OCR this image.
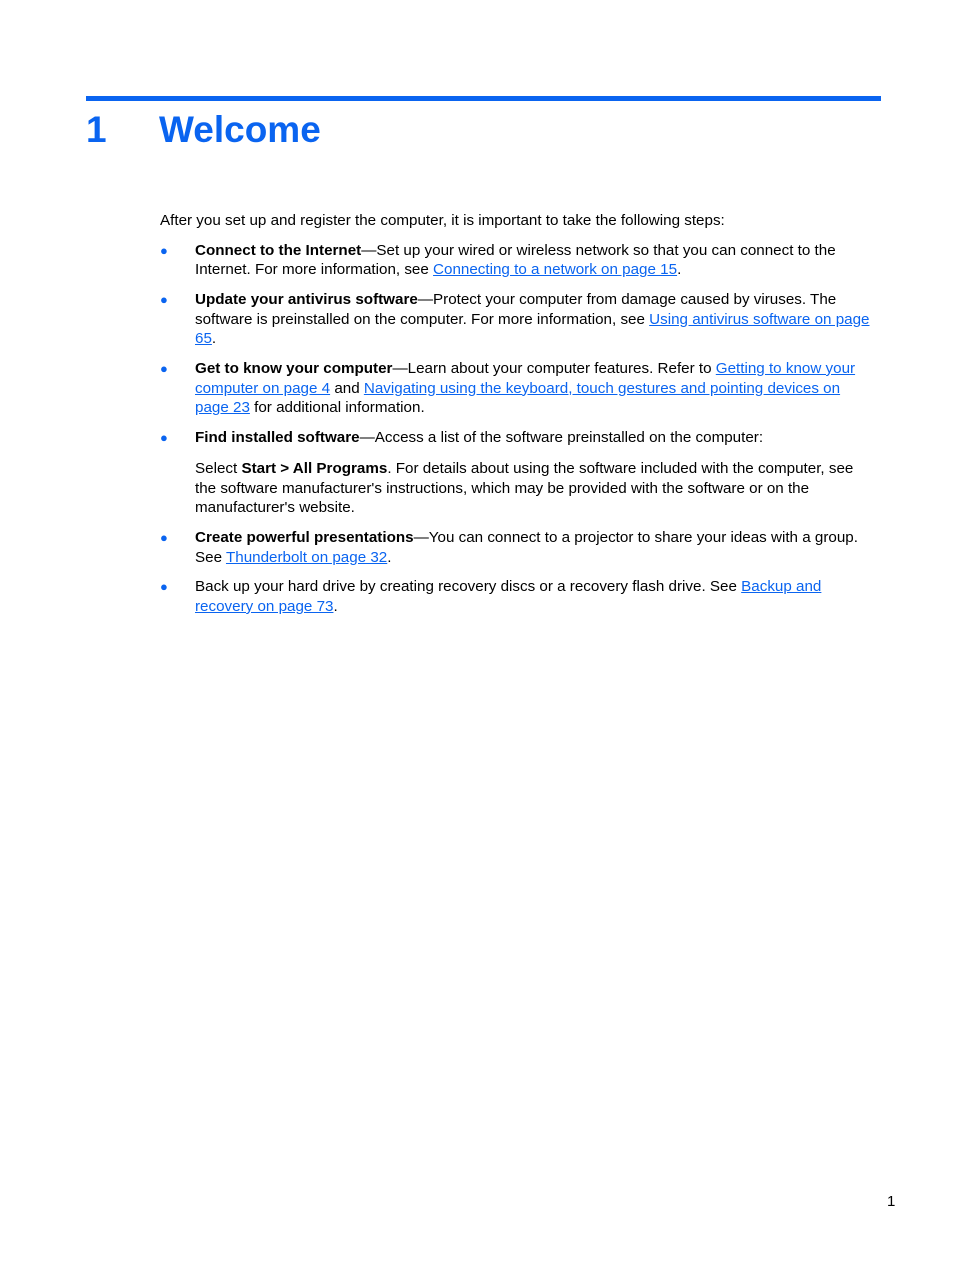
1 Welcome

After you set up and register the computer, it is important to take the following steps:

● Connect to the Internet—Set up your wired or wireless network so that you can connect to the Internet. For more information, see Connecting to a network on page 15.
● Update your antivirus software—Protect your computer from damage caused by viruses. The software is preinstalled on the computer. For more information, see Using antivirus software on page 65.
● Get to know your computer—Learn about your computer features. Refer to Getting to know your computer on page 4 and Navigating using the keyboard, touch gestures and pointing devices on page 23 for additional information.
● Find installed software—Access a list of the software preinstalled on the computer:
Select Start > All Programs. For details about using the software included with the computer, see the software manufacturer's instructions, which may be provided with the software or on the manufacturer's website.
● Create powerful presentations—You can connect to a projector to share your ideas with a group. See Thunderbolt on page 32.
● Back up your hard drive by creating recovery discs or a recovery flash drive. See Backup and recovery on page 73.
1
